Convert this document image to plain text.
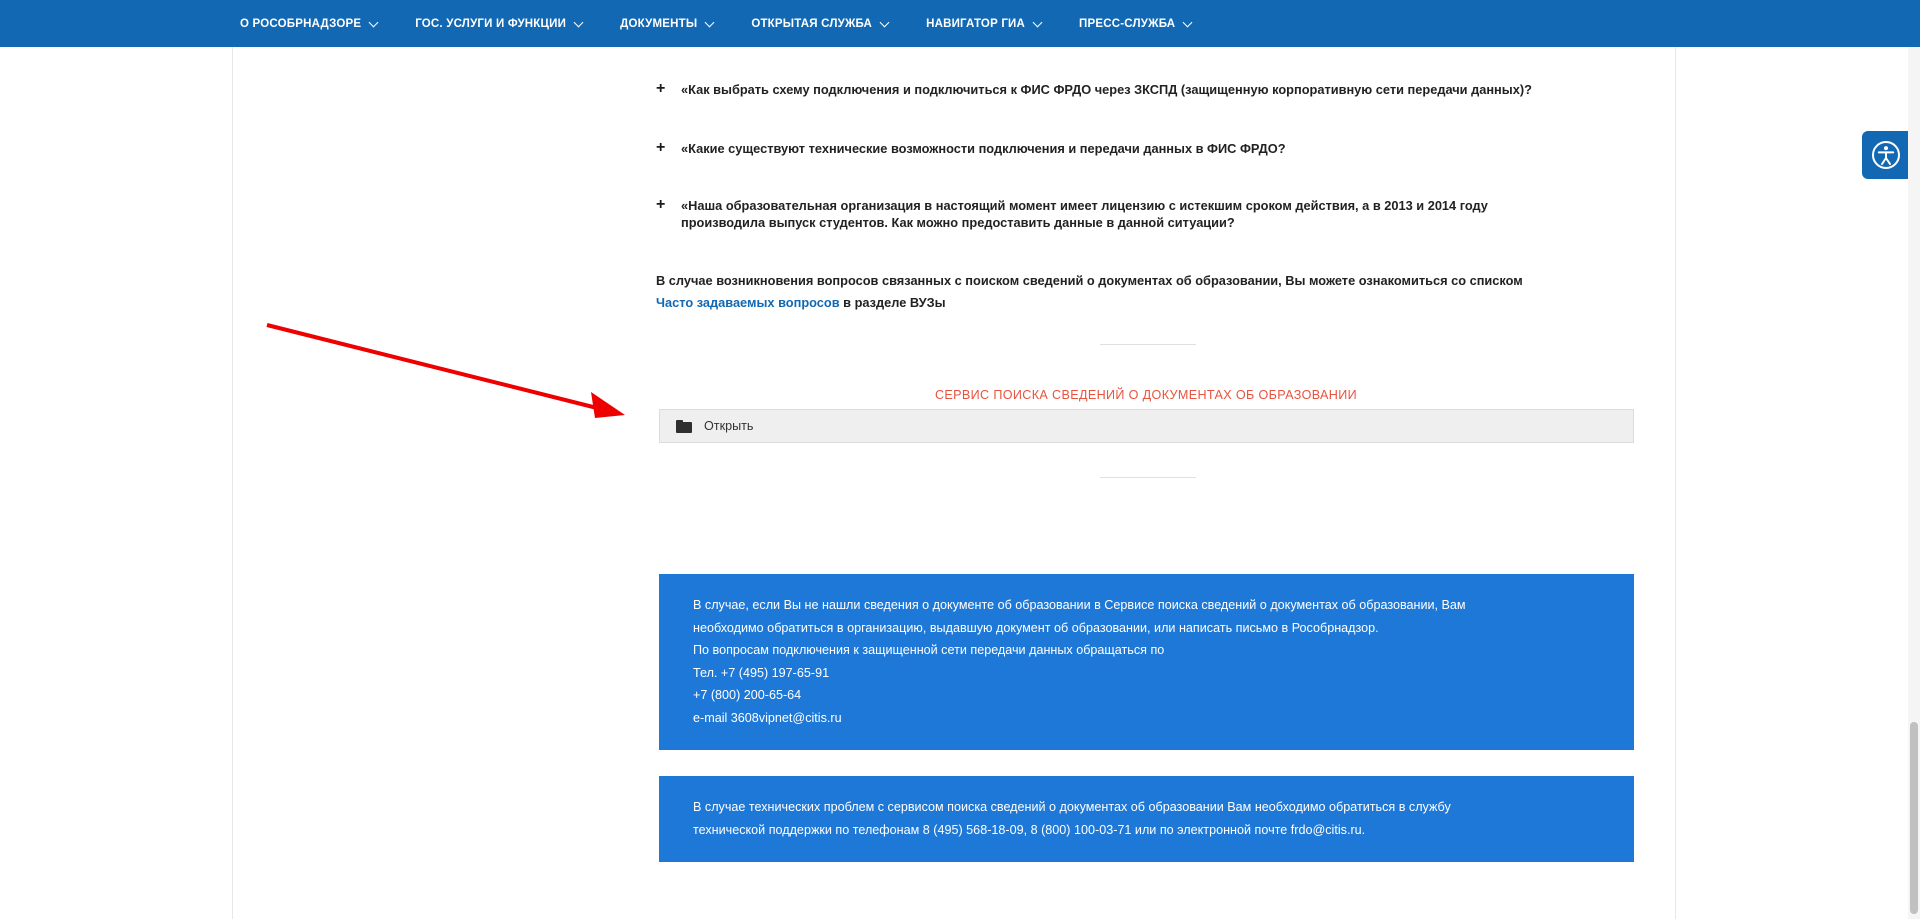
О РОСОБРНАДЗОРЕ	ГОС. УСЛУГИ И ФУНКЦИИ	ДОКУМЕНТЫ	ОТКРЫТАЯ СЛУЖБА	НАВИГАТОР ГИА	ПРЕСС-СЛУЖБА
+	«Как выбрать схему подключения и подключиться к ФИС ФРДО через ЗКСПД (защищенную корпоративную сети передачи данных)?
+	«Какие существуют технические возможности подключения и передачи данных в ФИС ФРДО?
+	«Наша образовательная организация в настоящий момент имеет лицензию с истекшим сроком действия, а в 2013 и 2014 году производила выпуск студентов. Как можно предоставить данные в данной ситуации?
В случае возникновения вопросов связанных с поиском сведений о документах об образовании, Вы можете ознакомиться со списком
Часто задаваемых вопросов в разделе ВУЗы
СЕРВИС ПОИСКА СВЕДЕНИЙ О ДОКУМЕНТАХ ОБ ОБРАЗОВАНИИ
Открыть
В случае, если Вы не нашли сведения о документе об образовании в Сервисе поиска сведений о документах об образовании, Вам
необходимо обратиться в организацию, выдавшую документ об образовании, или написать письмо в Рособрнадзор.
По вопросам подключения к защищенной сети передачи данных обращаться по
Тел. +7 (495) 197-65-91
+7 (800) 200-65-64
e-mail 3608vipnet@citis.ru
В случае технических проблем с сервисом поиска сведений о документах об образовании Вам необходимо обратиться в службу
технической поддержки по телефонам 8 (495) 568-18-09, 8 (800) 100-03-71 или по электронной почте frdo@citis.ru.
